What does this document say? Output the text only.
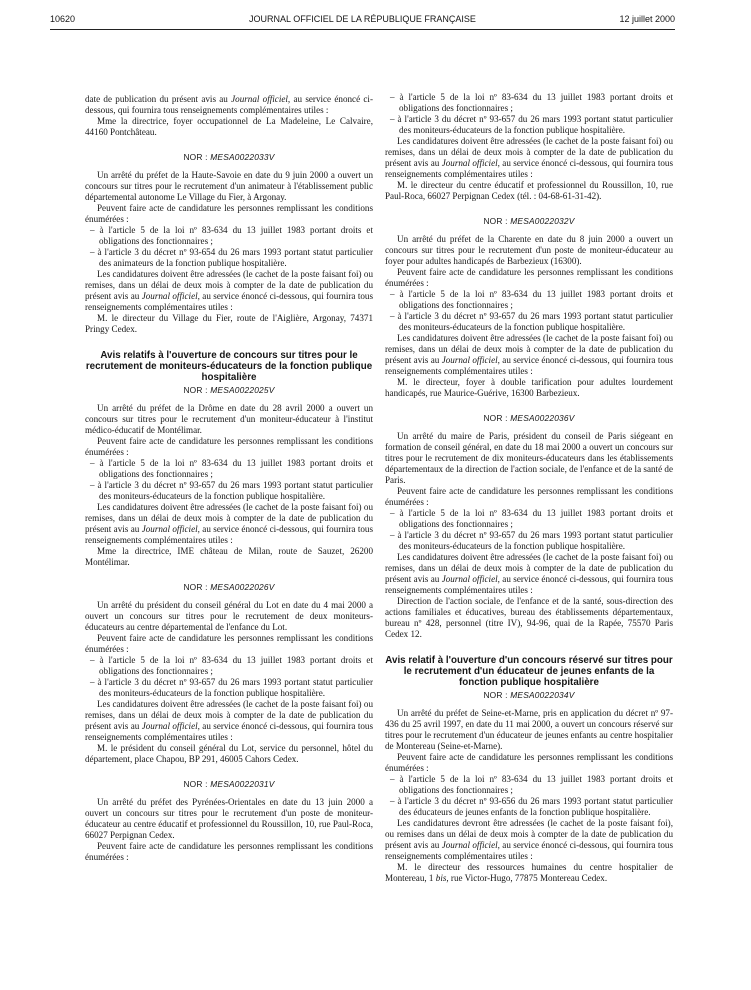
10620	JOURNAL OFFICIEL DE LA RÉPUBLIQUE FRANÇAISE	12 juillet 2000

date de publication du présent avis au Journal officiel, au service énoncé ci-dessous, qui fournira tous renseignements complémentaires utiles :

Mme la directrice, foyer occupationnel de La Madeleine, Le Calvaire, 44160 Pontchâteau.

NOR : MESA0022033V

Un arrêté du préfet de la Haute-Savoie en date du 9 juin 2000 a ouvert un concours sur titres pour le recrutement d'un animateur à l'établissement public départemental autonome Le Village du Fier, à Argonay.

Peuvent faire acte de candidature les personnes remplissant les conditions énumérées :

– à l'article 5 de la loi nº 83-634 du 13 juillet 1983 portant droits et obligations des fonctionnaires ;

– à l'article 3 du décret nº 93-654 du 26 mars 1993 portant statut particulier des animateurs de la fonction publique hospitalière.

Les candidatures doivent être adressées (le cachet de la poste faisant foi) ou remises, dans un délai de deux mois à compter de la date de publication du présent avis au Journal officiel, au service énoncé ci-dessous, qui fournira tous renseignements complémentaires utiles :

M. le directeur du Village du Fier, route de l'Aiglière, Argonay, 74371 Pringy Cedex.

Avis relatifs à l'ouverture de concours sur titres pour le recrutement de moniteurs-éducateurs de la fonction publique hospitalière
NOR : MESA0022025V

Un arrêté du préfet de la Drôme en date du 28 avril 2000 a ouvert un concours sur titres pour le recrutement d'un moniteur-éducateur à l'institut médico-éducatif de Montélimar.

Peuvent faire acte de candidature les personnes remplissant les conditions énumérées :

– à l'article 5 de la loi nº 83-634 du 13 juillet 1983 portant droits et obligations des fonctionnaires ;

– à l'article 3 du décret nº 93-657 du 26 mars 1993 portant statut particulier des moniteurs-éducateurs de la fonction publique hospitalière.

Les candidatures doivent être adressées (le cachet de la poste faisant foi) ou remises, dans un délai de deux mois à compter de la date de publication du présent avis au Journal officiel, au service énoncé ci-dessous, qui fournira tous renseignements complémentaires utiles :

Mme la directrice, IME château de Milan, route de Sauzet, 26200 Montélimar.

NOR : MESA0022026V

Un arrêté du président du conseil général du Lot en date du 4 mai 2000 a ouvert un concours sur titres pour le recrutement de deux moniteurs-éducateurs au centre départemental de l'enfance du Lot.

Peuvent faire acte de candidature les personnes remplissant les conditions énumérées :

– à l'article 5 de la loi nº 83-634 du 13 juillet 1983 portant droits et obligations des fonctionnaires ;

– à l'article 3 du décret nº 93-657 du 26 mars 1993 portant statut particulier des moniteurs-éducateurs de la fonction publique hospitalière.

Les candidatures doivent être adressées (le cachet de la poste faisant foi) ou remises, dans un délai de deux mois à compter de la date de publication du présent avis au Journal officiel, au service énoncé ci-dessous, qui fournira tous renseignements complémentaires utiles :

M. le président du conseil général du Lot, service du personnel, hôtel du département, place Chapou, BP 291, 46005 Cahors Cedex.

NOR : MESA0022031V

Un arrêté du préfet des Pyrénées-Orientales en date du 13 juin 2000 a ouvert un concours sur titres pour le recrutement d'un poste de moniteur-éducateur au centre éducatif et professionnel du Roussillon, 10, rue Paul-Roca, 66027 Perpignan Cedex.

Peuvent faire acte de candidature les personnes remplissant les conditions énumérées :

– à l'article 5 de la loi nº 83-634 du 13 juillet 1983 portant droits et obligations des fonctionnaires ;

– à l'article 3 du décret nº 93-657 du 26 mars 1993 portant statut particulier des moniteurs-éducateurs de la fonction publique hospitalière.

Les candidatures doivent être adressées (le cachet de la poste faisant foi) ou remises, dans un délai de deux mois à compter de la date de publication du présent avis au Journal officiel, au service énoncé ci-dessous, qui fournira tous renseignements complémentaires utiles :

M. le directeur du centre éducatif et professionnel du Roussillon, 10, rue Paul-Roca, 66027 Perpignan Cedex (tél. : 04-68-61-31-42).

NOR : MESA0022032V

Un arrêté du préfet de la Charente en date du 8 juin 2000 a ouvert un concours sur titres pour le recrutement d'un poste de moniteur-éducateur au foyer pour adultes handicapés de Barbezieux (16300).

Peuvent faire acte de candidature les personnes remplissant les conditions énumérées :

– à l'article 5 de la loi nº 83-634 du 13 juillet 1983 portant droits et obligations des fonctionnaires ;

– à l'article 3 du décret nº 93-657 du 26 mars 1993 portant statut particulier des moniteurs-éducateurs de la fonction publique hospitalière.

Les candidatures doivent être adressées (le cachet de la poste faisant foi) ou remises, dans un délai de deux mois à compter de la date de publication du présent avis au Journal officiel, au service énoncé ci-dessous, qui fournira tous renseignements complémentaires utiles :

M. le directeur, foyer à double tarification pour adultes lourdement handicapés, rue Maurice-Guérive, 16300 Barbezieux.

NOR : MESA0022036V

Un arrêté du maire de Paris, président du conseil de Paris siégeant en formation de conseil général, en date du 18 mai 2000 a ouvert un concours sur titres pour le recrutement de dix moniteurs-éducateurs dans les établissements départementaux de la direction de l'action sociale, de l'enfance et de la santé de Paris.

Peuvent faire acte de candidature les personnes remplissant les conditions énumérées :

– à l'article 5 de la loi nº 83-634 du 13 juillet 1983 portant droits et obligations des fonctionnaires ;

– à l'article 3 du décret nº 93-657 du 26 mars 1993 portant statut particulier des moniteurs-éducateurs de la fonction publique hospitalière.

Les candidatures doivent être adressées (le cachet de la poste faisant foi) ou remises, dans un délai de deux mois à compter de la date de publication du présent avis au Journal officiel, au service énoncé ci-dessous, qui fournira tous renseignements complémentaires utiles :

Direction de l'action sociale, de l'enfance et de la santé, sous-direction des actions familiales et éducatives, bureau des établissements départementaux, bureau nº 428, personnel (titre IV), 94-96, quai de la Rapée, 75570 Paris Cedex 12.

Avis relatif à l'ouverture d'un concours réservé sur titres pour le recrutement d'un éducateur de jeunes enfants de la fonction publique hospitalière
NOR : MESA0022034V

Un arrêté du préfet de Seine-et-Marne, pris en application du décret nº 97-436 du 25 avril 1997, en date du 11 mai 2000, a ouvert un concours réservé sur titres pour le recrutement d'un éducateur de jeunes enfants au centre hospitalier de Montereau (Seine-et-Marne).

Peuvent faire acte de candidature les personnes remplissant les conditions énumérées :

– à l'article 5 de la loi nº 83-634 du 13 juillet 1983 portant droits et obligations des fonctionnaires ;

– à l'article 3 du décret nº 93-656 du 26 mars 1993 portant statut particulier des éducateurs de jeunes enfants de la fonction publique hospitalière.

Les candidatures devront être adressées (le cachet de la poste faisant foi), ou remises dans un délai de deux mois à compter de la date de publication du présent avis au Journal officiel, au service énoncé ci-dessous, qui fournira tous renseignements complémentaires utiles :

M. le directeur des ressources humaines du centre hospitalier de Montereau, 1 bis, rue Victor-Hugo, 77875 Montereau Cedex.
